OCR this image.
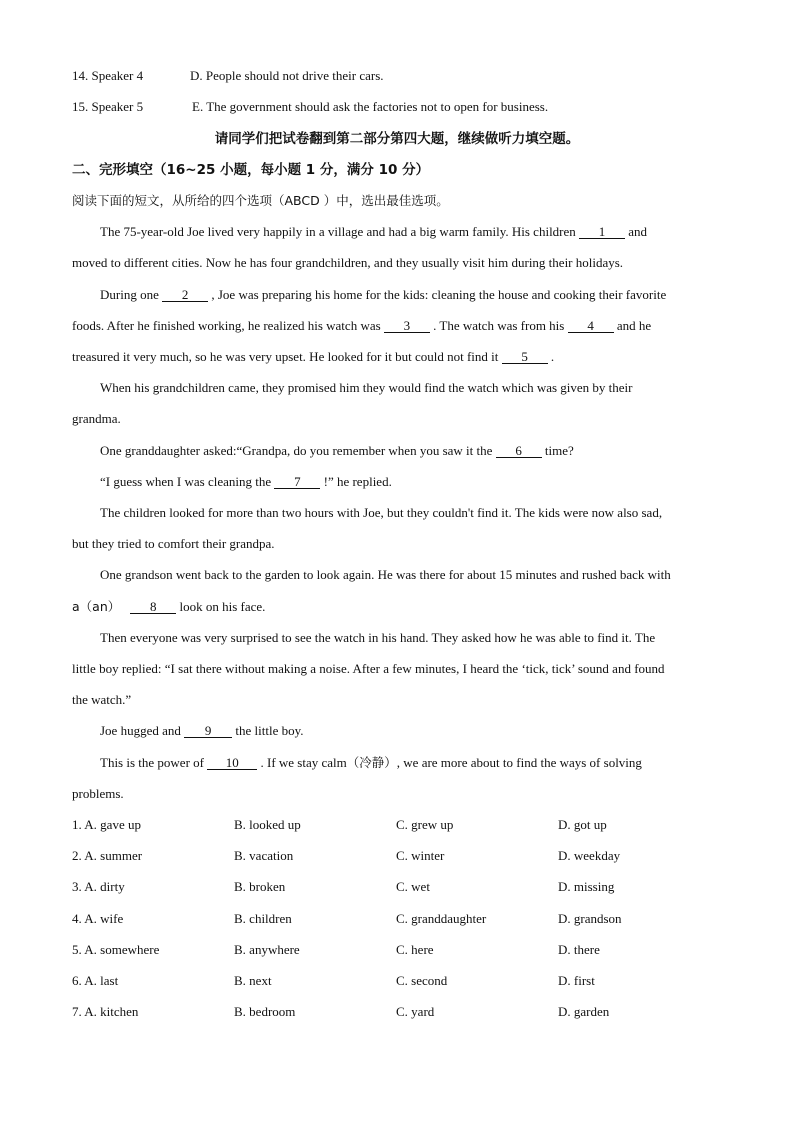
14. Speaker 4	D. People should not drive their cars.
15. Speaker 5	E. The government should ask the factories not to open for business.
请同学们把试卷翻到第二部分第四大题，继续做听力填空题。
二、完形填空（16~25 小题，每小题 1 分，满分 10 分）
阅读下面的短文，从所给的四个选项（ABCD ）中，选出最佳选项。
The 75-year-old Joe lived very happily in a village and had a big warm family. His children 1 and
moved to different cities. Now he has four grandchildren, and they usually visit him during their holidays.
During one 2 , Joe was preparing his home for the kids: cleaning the house and cooking their favorite
foods. After he finished working, he realized his watch was 3 . The watch was from his 4 and he
treasured it very much, so he was very upset. He looked for it but could not find it 5 .
When his grandchildren came, they promised him they would find the watch which was given by their
grandma.
One granddaughter asked:“Grandpa, do you remember when you saw it the 6 time?
“I guess when I was cleaning the 7 !” he replied.
The children looked for more than two hours with Joe, but they couldn't find it. The kids were now also sad,
but they tried to comfort their grandpa.
One grandson went back to the garden to look again. He was there for about 15 minutes and rushed back with
a（an） 8 look on his face.
Then everyone was very surprised to see the watch in his hand. They asked how he was able to find it. The
little boy replied: “I sat there without making a noise. After a few minutes, I heard the ‘tick, tick’ sound and found
the watch.”
Joe hugged and 9 the little boy.
This is the power of 10 . If we stay calm（冷静）, we are more about to find the ways of solving
problems.
1. A. gave up	B. looked up	C. grew up	D. got up
2. A. summer	B. vacation	C. winter	D. weekday
3. A. dirty	B. broken	C. wet	D. missing
4. A. wife	B. children	C. granddaughter	D. grandson
5. A. somewhere	B. anywhere	C. here	D. there
6. A. last	B. next	C. second	D. first
7. A. kitchen	B. bedroom	C. yard	D. garden
